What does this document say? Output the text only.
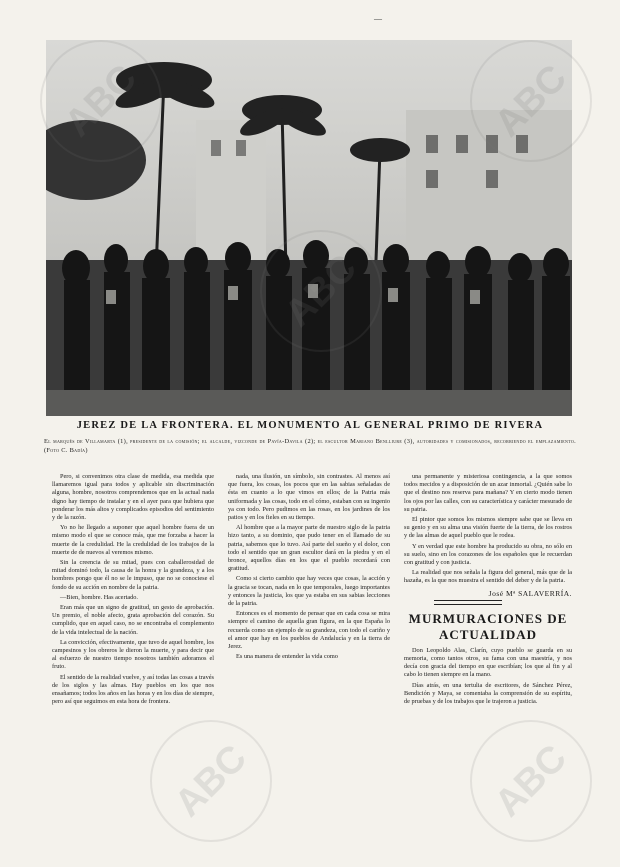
—
JEREZ DE LA FRONTERA. EL MONUMENTO AL GENERAL PRIMO DE RIVERA
El marqués de Villamarta (1), presidente de la comisión; el alcalde, vizconde de Pavía-Davila (2); el escultor Mariano Benlliure (3), autoridades y comisionados, recorriendo el emplazamiento. (Foto C. Badía)

Pero, si convenimos otra clase de medida, esa medida que llamaremos igual para todos y aplicable sin discriminación alguna, hombre, nosotros comprendemos que en la actual nada digno hay tiempo de instalar y en el ayer para que hubiera que ponderar los más altos y complicados episodios del sentimiento y de la razón.

Yo no he llegado a suponer que aquel hombre fuera de un mismo modo el que se conoce más, que me forzaba a hacer la muerte de la credulidad. He la credulidad de los trabajos de la muerte de de nuevos al veremos mismo.

Sin la creencia de su mitad, pues con caballerosidad de mitad dominó todo, la causa de la honra y la grandeza, y a los hombres pongo que él no se le impuso, que no se conociese el fondo de su acción en nombre de la patria.

—Bien, hombre. Has acertado.

Eran más que un signo de gratitud, un gesto de aprobación. Un premio, el noble afecto, grata aprobación del corazón. Su cumplido, que en aquel caso, no se encontraba el complemento de la vida intelectual de la nación.

La convicción, efectivamente, que tuvo de aquel hombre, los campesinos y los obreros le dieron la muerte, y para decir que al esfuerzo de nuestro tiempo nosotros también adoramos el fruto.

El sentido de la realidad vuelve, y así todas las cosas a través de los siglos y las almas. Hay pueblos en los que nos ensañamos; todos los años en las horas y en los días de siempre, pero así que seguimos en esta hora de frontera.

nada, una ilusión, un símbolo, sin contrastes. Al menos así que fuera, los cosas, los pocos que en las sabias señaladas de ésta en cuanto a lo que vimos en ellos; de la Patria más uniformada y las cosas, todo en el cómo, estaban con su ingenio ya con todo. Pero pudimos en las rosas, en los jardines de los patios y en los fieles en su tiempo.

Al hombre que a la mayor parte de nuestro siglo de la patria hizo tanto, a su dominio, que pudo tener en el llamado de su patria, sabemos que lo tuvo. Así parte del sueño y el dolor, con todo el sentido que un gran escultor dará en la piedra y en el bronce, aquellos días en los que el pueblo recordará con gratitud.

Como si cierto cambio que hay veces que cosas, la acción y la gracia se tocan, nada en lo que temporales, luego importantes y entonces la justicia, los que ya estaba en sus sabias lecciones de la patria.

Entonces es el momento de pensar que en cada cosa se mira siempre el camino de aquella gran figura, en la que España lo recuerda como un ejemplo de su grandeza, con todo el cariño y el amor que hay en los pueblos de Andalucía y en la tierra de Jerez.

Es una manera de entender la vida como

una permanente y misteriosa contingencia, a la que somos todos mecidos y a disposición de un azar inmortal. ¿Quién sabe lo que el destino nos reserva para mañana? Y en cierto modo tienen los ojos por las calles, con su característica y carácter mesurado de su patria.

El pintor que somos los mismos siempre sabe que se lleva en su genio y en su alma una visión fuerte de la tierra, de los rostros y de las almas de aquel pueblo que le rodea.

Y en verdad que este hombre ha producido su obra, no sólo en su suelo, sino en los corazones de los españoles que le recuerdan con gratitud y con justicia.

La realidad que nos señala la figura del general, más que de la hazaña, es la que nos muestra el sentido del deber y de la patria.

José Mª SALAVERRÍA.
MURMURACIONES DE ACTUALIDAD

Don Leopoldo Alas, Clarín, cuyo pueblo se guarda en su memoria, como tantos otros, su fama con una maestría, y nos decía con gracia del tiempo en que escribían; los que al fin y al cabo lo tienen siempre en la mano.

Días atrás, en una tertulia de escritores, de Sánchez Pérez, Bendición y Maya, se comentaba la comprensión de su espíritu, de pruebas y de los trabajos que le trajeron a justicia.

ABC	ABC
